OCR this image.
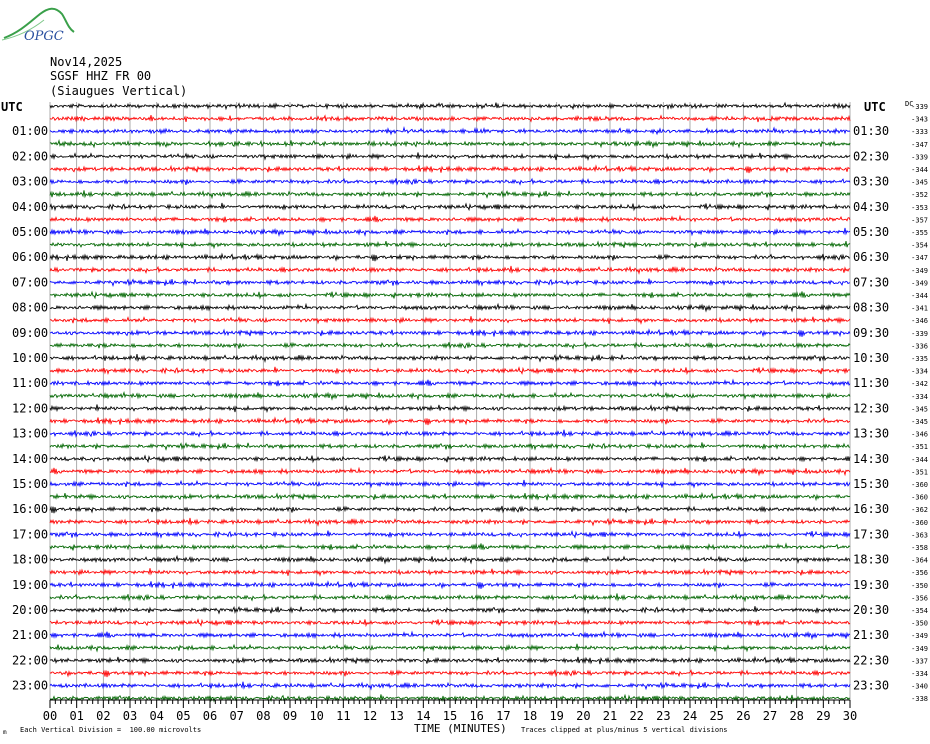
OPGC
Nov14,2025
SGSF HHZ FR 00
(Siaugues Vertical)
UTC	UTC	DC
01:00
02:00
03:00
04:00
05:00
06:00
07:00
08:00
09:00
10:00
11:00
12:00
13:00
14:00
15:00
16:00
17:00
18:00
19:00
20:00
21:00
22:00
23:00
01:30
02:30
03:30
04:30
05:30
06:30
07:30
08:30
09:30
10:30
11:30
12:30
13:30
14:30
15:30
16:30
17:30
18:30
19:30
20:30
21:30
22:30
23:30
-339
-343
-333
-347
-339
-344
-345
-352
-353
-357
-355
-354
-347
-349
-349
-344
-341
-346
-339
-336
-335
-334
-342
-334
-345
-345
-346
-351
-344
-351
-360
-360
-362
-360
-363
-358
-364
-356
-350
-356
-354
-350
-349
-349
-337
-334
-340
-338
00 01 02 03 04 05 06 07 08 09 10 11 12 13 14 15 16 17 18 19 20 21 22 23 24 25 26 27 28 29 30
TIME (MINUTES)
m Each Vertical Division =  100.00 microvolts	Traces clipped at plus/minus 5 vertical divisions
